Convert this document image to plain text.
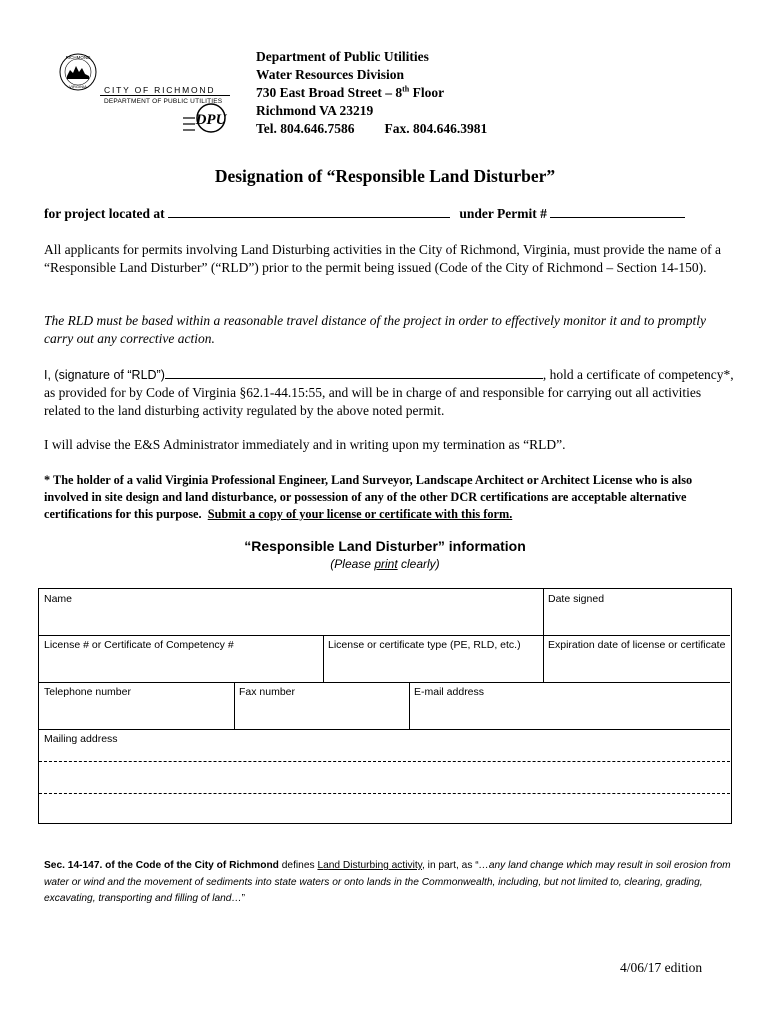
RICHMOND
VIRGINIA CITY OF RICHMOND
DEPARTMENT OF PUBLIC UTILITIES
DPU
Department of Public Utilities
Water Resources Division
730 East Broad Street – 8th Floor
Richmond VA 23219
Tel. 804.646.7586 Fax. 804.646.3981
Designation of “Responsible Land Disturber”
for project located at	under Permit #
All applicants for permits involving Land Disturbing activities in the City of Richmond, Virginia, must provide the name of a “Responsible Land Disturber” (“RLD”) prior to the permit being issued (Code of the City of Richmond – Section 14-150).
The RLD must be based within a reasonable travel distance of the project in order to effectively monitor it and to promptly carry out any corrective action.
I, (signature of “RLD”)	, hold a certificate of competency*, as provided for by Code of Virginia §62.1-44.15:55, and will be in charge of and responsible for carrying out all activities related to the land disturbing activity regulated by the above noted permit.
I will advise the E&S Administrator immediately and in writing upon my termination as “RLD”.
* The holder of a valid Virginia Professional Engineer, Land Surveyor, Landscape Architect or Architect License who is also involved in site design and land disturbance, or possession of any of the other DCR certifications are acceptable alternative certifications for this purpose. Submit a copy of your license or certificate with this form.
“Responsible Land Disturber” information
(Please print clearly)
Name	Date signed
License # or Certificate of Competency #	License or certificate type (PE, RLD, etc.)	Expiration date of license or certificate
Telephone number	Fax number	E-mail address
Mailing address
Sec. 14-147. of the Code of the City of Richmond defines Land Disturbing activity, in part, as “…any land change which may result in soil erosion from water or wind and the movement of sediments into state waters or onto lands in the Commonwealth, including, but not limited to, clearing, grading, excavating, transporting and filling of land…”
4/06/17 edition
